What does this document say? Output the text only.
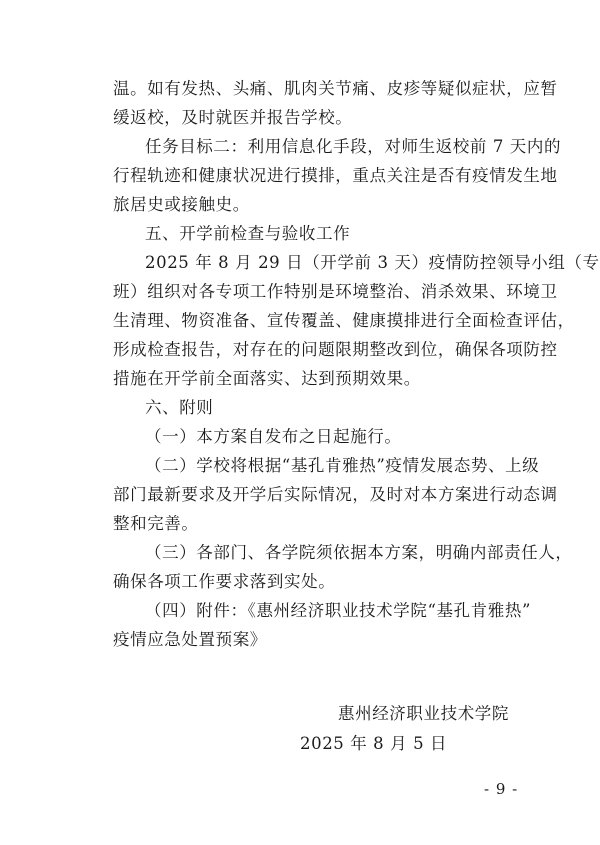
温。如有发热、头痛、肌肉关节痛、皮疹等疑似症状，应暂
缓返校，及时就医并报告学校。
任务目标二：利用信息化手段，对师生返校前 7 天内的
行程轨迹和健康状况进行摸排，重点关注是否有疫情发生地
旅居史或接触史。
五、开学前检查与验收工作
2025 年 8 月 29 日（开学前 3 天）疫情防控领导小组（专
班）组织对各专项工作特别是环境整治、消杀效果、环境卫
生清理、物资准备、宣传覆盖、健康摸排进行全面检查评估，
形成检查报告，对存在的问题限期整改到位，确保各项防控
措施在开学前全面落实、达到预期效果。
六、附则
（一）本方案自发布之日起施行。
（二）学校将根据“基孔肯雅热”疫情发展态势、上级
部门最新要求及开学后实际情况，及时对本方案进行动态调
整和完善。
（三）各部门、各学院须依据本方案，明确内部责任人，
确保各项工作要求落到实处。
（四）附件：《惠州经济职业技术学院“基孔肯雅热”
疫情应急处置预案》
惠州经济职业技术学院
2025 年 8 月 5 日
- 9 -
